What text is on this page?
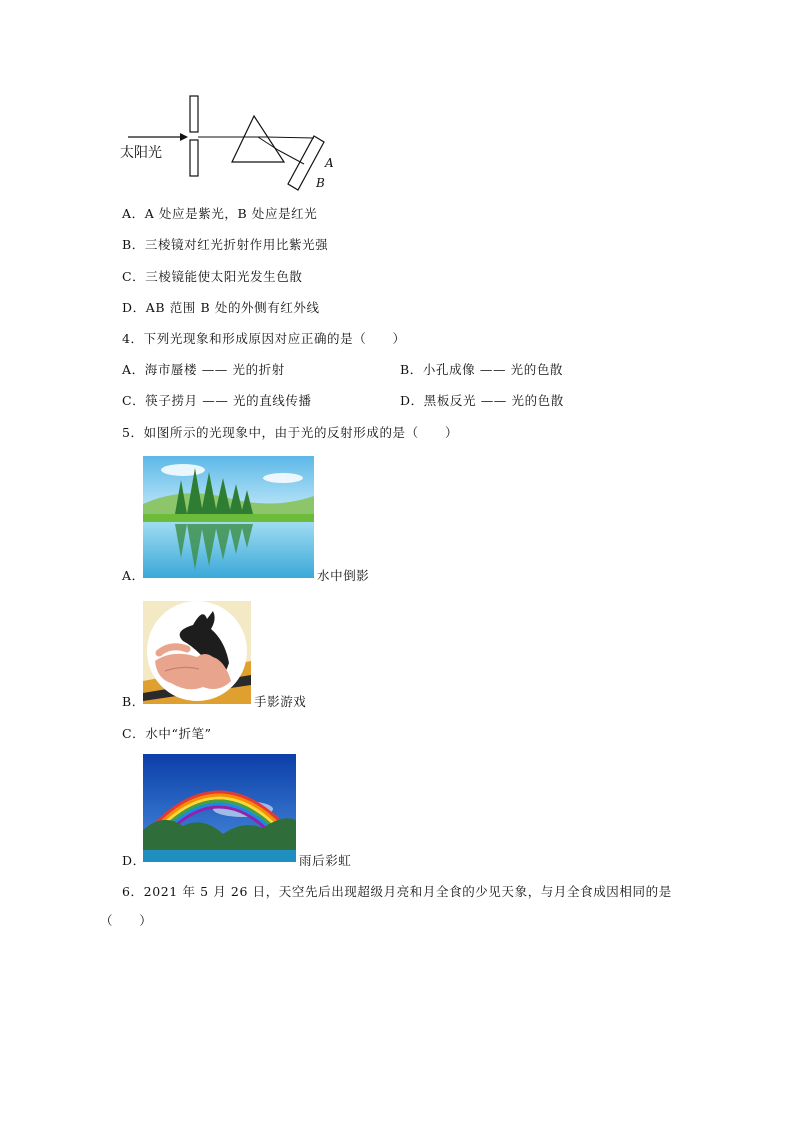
太阳光
A
B
A．A 处应是紫光，B 处应是红光
B．三棱镜对红光折射作用比紫光强
C．三棱镜能使太阳光发生色散
D．AB 范围 B 处的外侧有红外线
4．下列光现象和形成原因对应正确的是（　　）
A．海市蜃楼 —— 光的折射	B．小孔成像 —— 光的色散
C．筷子捞月 —— 光的直线传播	D．黑板反光 —— 光的色散
5．如图所示的光现象中，由于光的反射形成的是（　　）
A．	水中倒影
B．	手影游戏
C．水中“折笔”
D．	雨后彩虹
6．2021 年 5 月 26 日，天空先后出现超级月亮和月全食的少见天象，与月全食成因相同的是
（　　）
